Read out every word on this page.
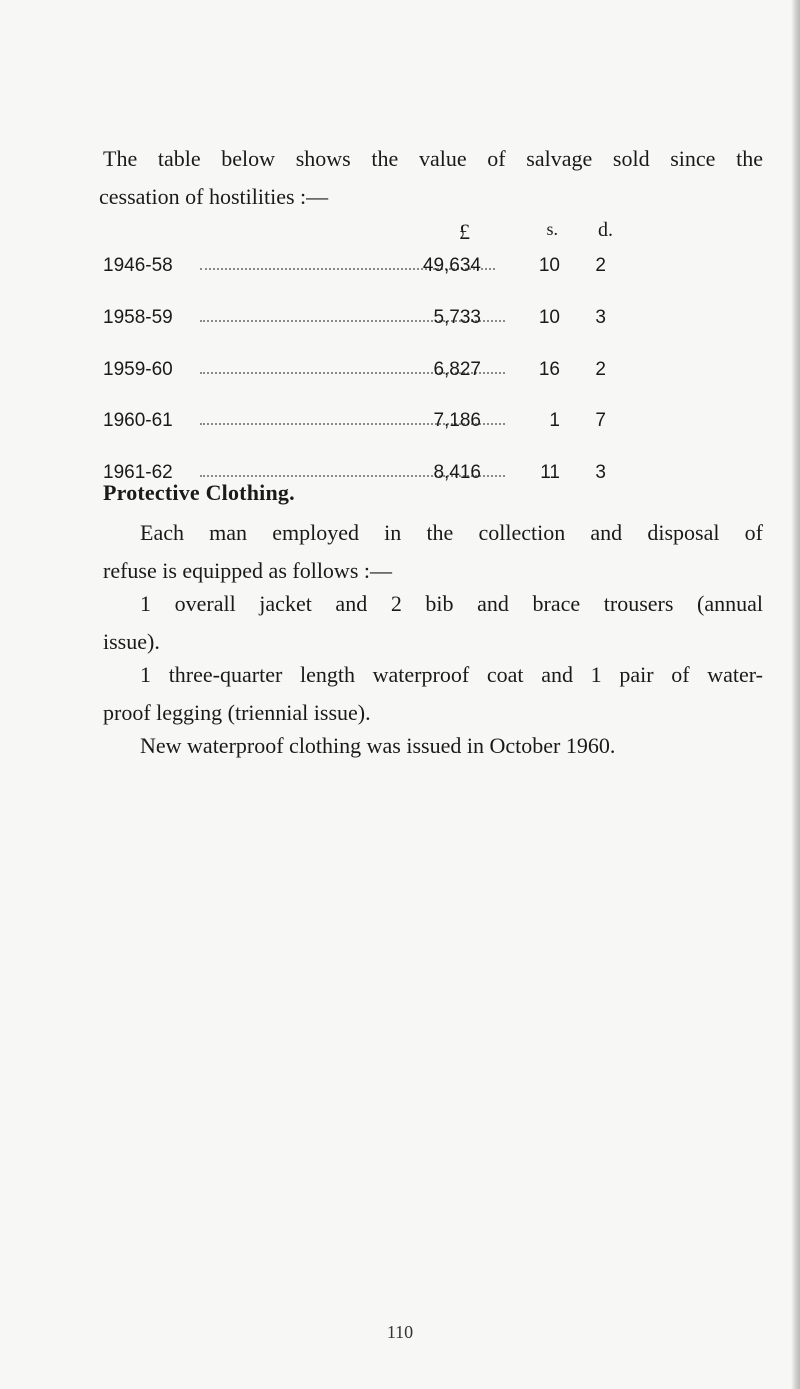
The table below shows the value of salvage sold since the
cessation of hostilities :—

£	s. d.
1946-58	49,634	10 2
1958-59	5,733	10 3
1959-60	6,827	16 2
1960-61	7,186	1 7
1961-62	8,416	11 3
Protective Clothing.

Each man employed in the collection and disposal of
refuse is equipped as follows :—

1 overall jacket and 2 bib and brace trousers (annual
issue).

1 three-quarter length waterproof coat and 1 pair of water-
proof legging (triennial issue).

New waterproof clothing was issued in October 1960.

110
